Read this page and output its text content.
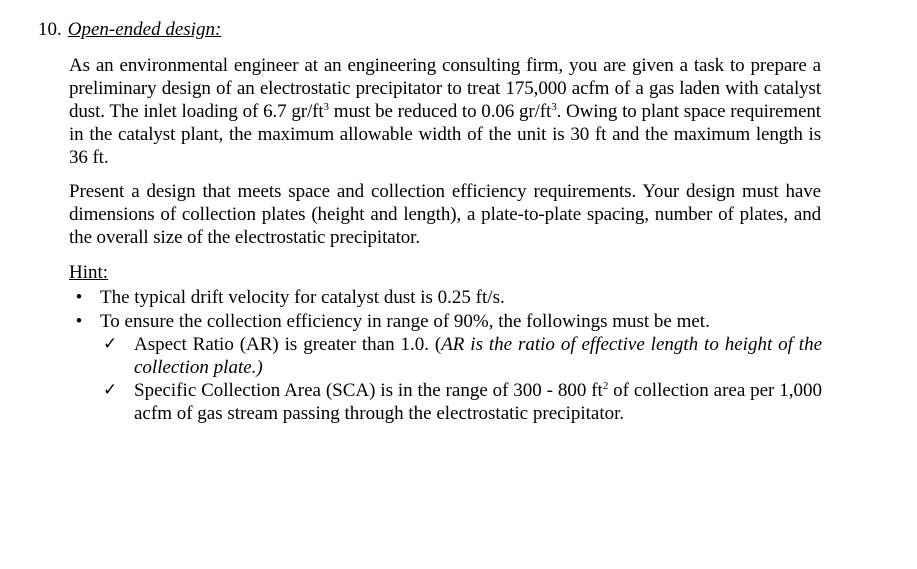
10. Open-ended design:
As an environmental engineer at an engineering consulting firm, you are given a task to prepare a preliminary design of an electrostatic precipitator to treat 175,000 acfm of a gas laden with catalyst dust. The inlet loading of 6.7 $gr/ft^3$ must be reduced to 0.06 $gr/ft^3$. Owing to plant space requirement in the catalyst plant, the maximum allowable width of the unit is 30 ft and the maximum length is 36 ft.
Present a design that meets space and collection efficiency requirements. Your design must have dimensions of collection plates (height and length), a plate-to-plate spacing, number of plates, and the overall size of the electrostatic precipitator.
Hint:
• The typical drift velocity for catalyst dust is 0.25 ft/s.
• To ensure the collection efficiency in range of 90%, the followings must be met.
✓ Aspect Ratio (AR) is greater than 1.0. (AR is the ratio of effective length to height of the collection plate.)
✓ Specific Collection Area (SCA) is in the range of 300 - 800 $ft^2$ of collection area per 1,000 acfm of gas stream passing through the electrostatic precipitator.
